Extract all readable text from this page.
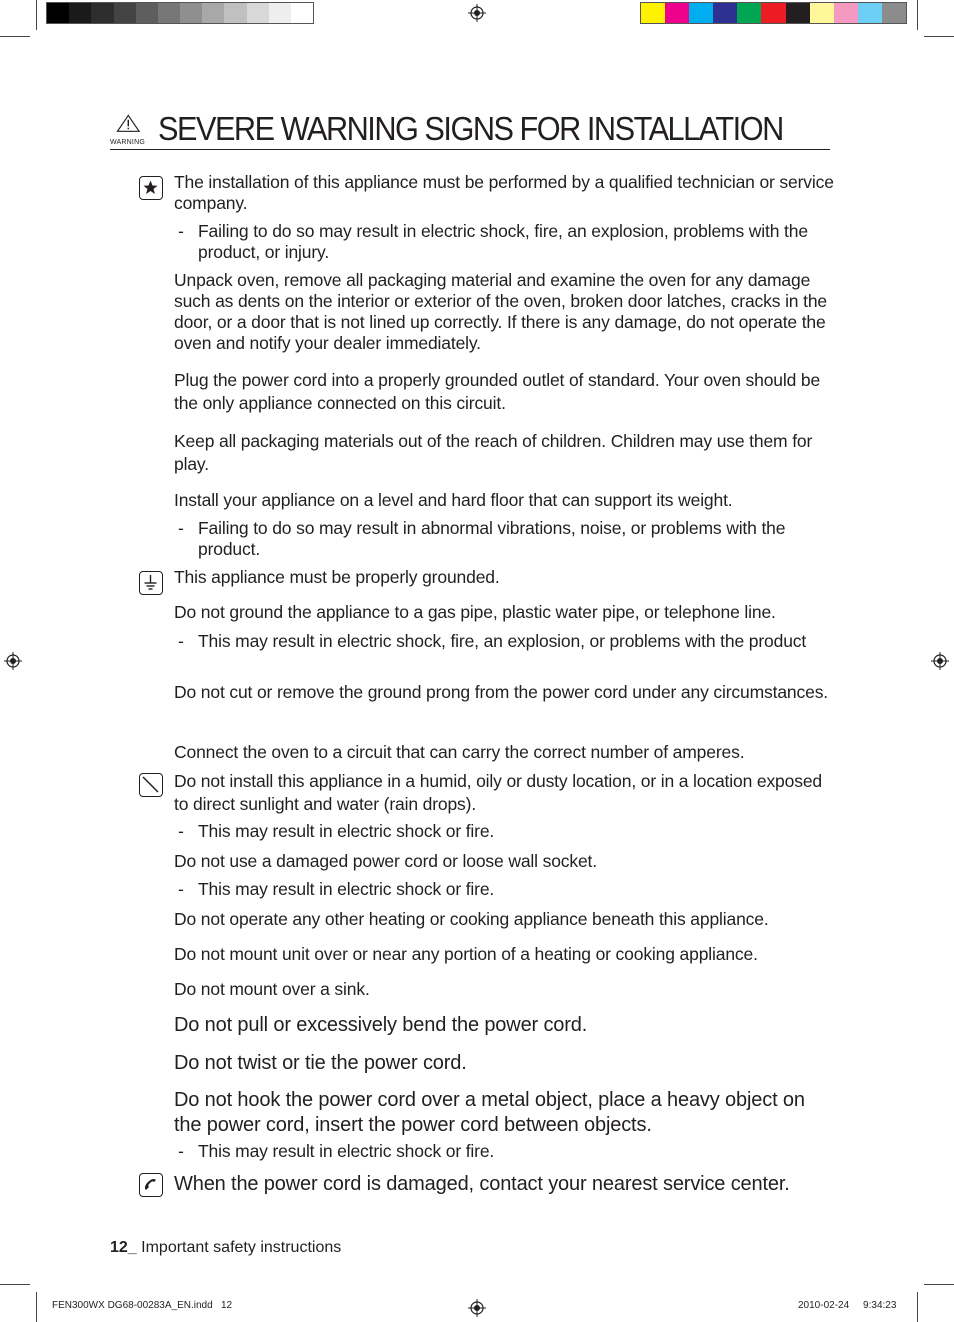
WARNING SEVERE WARNING SIGNS FOR INSTALLATION
The installation of this appliance must be performed by a qualified technician or service company.
- Failing to do so may result in electric shock, fire, an explosion, problems with the product, or injury.
Unpack oven, remove all packaging material and examine the oven for any damage such as dents on the interior or exterior of the oven, broken door latches, cracks in the door, or a door that is not lined up correctly. If there is any damage, do not operate the oven and notify your dealer immediately.
Plug the power cord into a properly grounded outlet of standard. Your oven should be the only appliance connected on this circuit.
Keep all packaging materials out of the reach of children. Children may use them for play.
Install your appliance on a level and hard floor that can support its weight.
- Failing to do so may result in abnormal vibrations, noise, or problems with the product.
This appliance must be properly grounded.
Do not ground the appliance to a gas pipe, plastic water pipe, or telephone line.
- This may result in electric shock, fire, an explosion, or problems with the product
Do not cut or remove the ground prong from the power cord under any circumstances.
Connect the oven to a circuit that can carry the correct number of amperes.
Do not install this appliance in a humid, oily or dusty location, or in a location exposed to direct sunlight and water (rain drops).
- This may result in electric shock or fire.
Do not use a damaged power cord or loose wall socket.
- This may result in electric shock or fire.
Do not operate any other heating or cooking appliance beneath this appliance.
Do not mount unit over or near any portion of a heating or cooking appliance.
Do not mount over a sink.
Do not pull or excessively bend the power cord.
Do not twist or tie the power cord.
Do not hook the power cord over a metal object, place a heavy object on the power cord, insert the power cord between objects.
- This may result in electric shock or fire.
When the power cord is damaged, contact your nearest service center.
12_ Important safety instructions
FEN300WX DG68-00283A_EN.indd   12	2010-02-24     9:34:23
